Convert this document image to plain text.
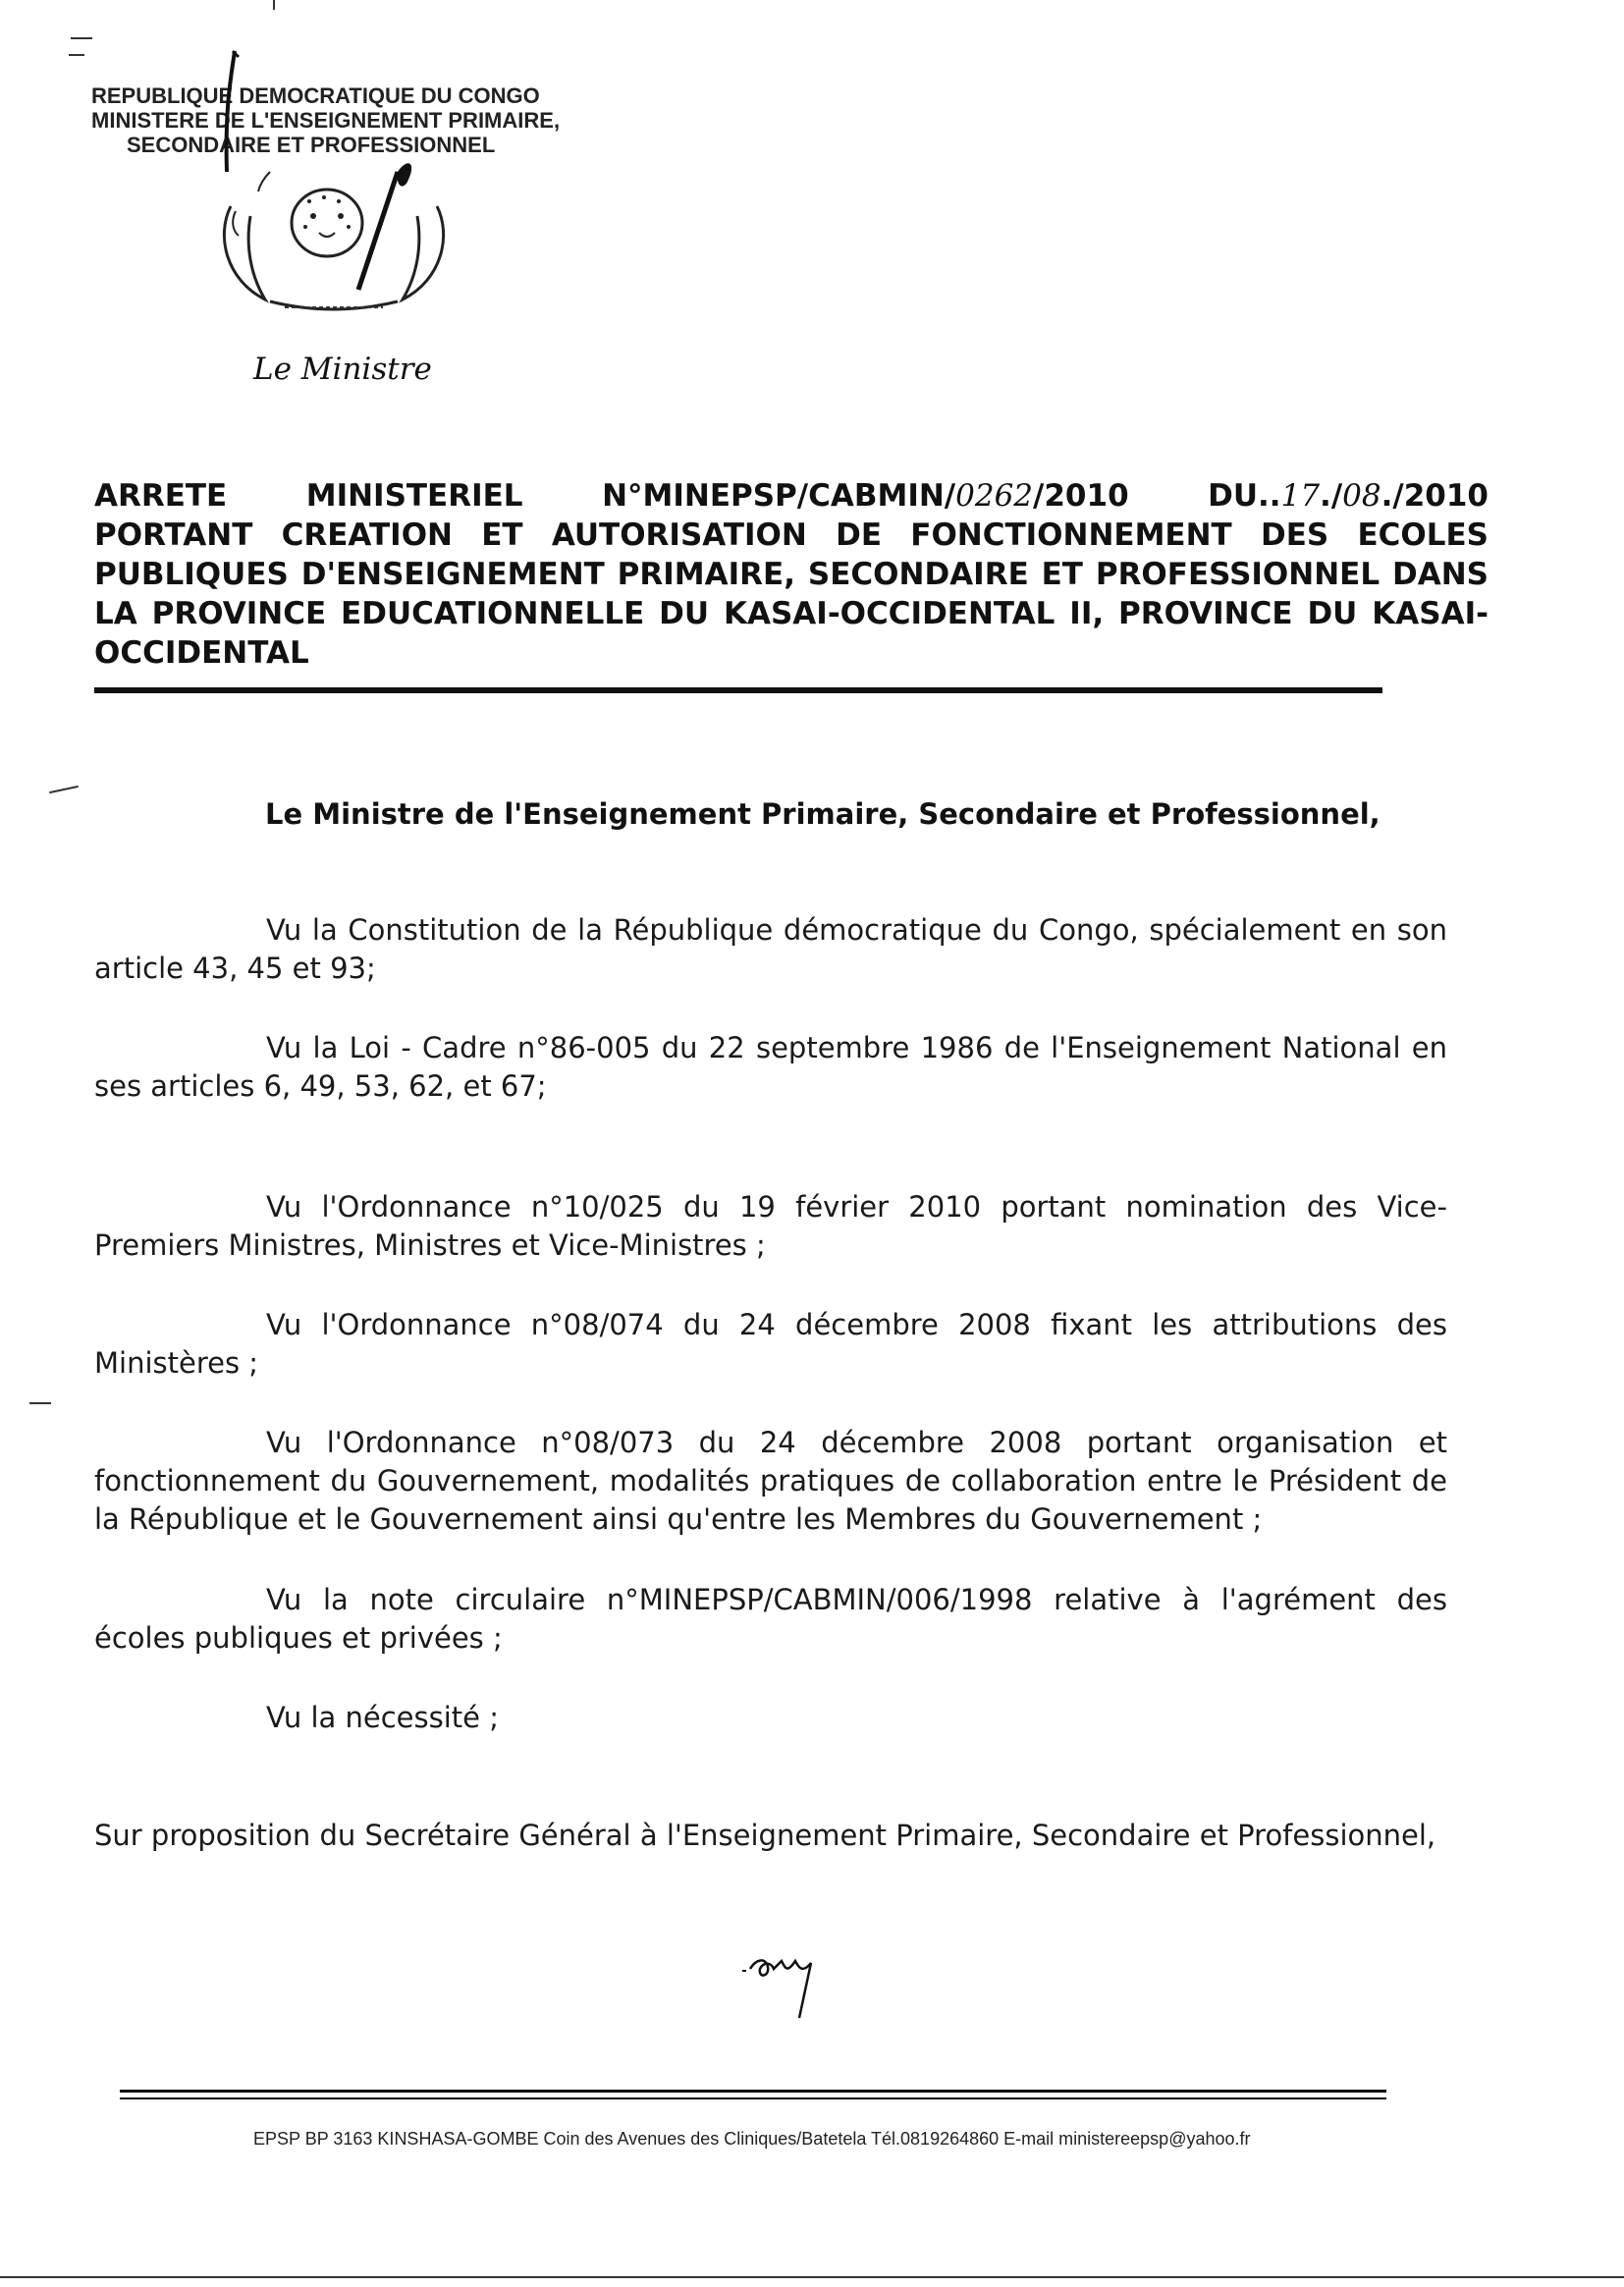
REPUBLIQUE DEMOCRATIQUE DU CONGO
MINISTERE DE L'ENSEIGNEMENT PRIMAIRE,
SECONDAIRE ET PROFESSIONNEL
Le Ministre
ARRETE	MINISTERIEL	N°MINEPSP/CABMIN/0262/2010	DU..17./08./2010
PORTANT CREATION ET AUTORISATION DE FONCTIONNEMENT DES ECOLES PUBLIQUES D'ENSEIGNEMENT PRIMAIRE, SECONDAIRE ET PROFESSIONNEL DANS LA PROVINCE EDUCATIONNELLE DU KASAI-OCCIDENTAL II, PROVINCE DU KASAI-OCCIDENTAL
Le Ministre de l'Enseignement Primaire, Secondaire et Professionnel,
Vu la Constitution de la République démocratique du Congo, spécialement en son article 43, 45 et 93;
Vu la Loi - Cadre n°86-005 du 22 septembre 1986 de l'Enseignement National en ses articles 6, 49, 53, 62, et 67;
Vu l'Ordonnance n°10/025 du 19 février 2010 portant nomination des Vice-Premiers Ministres, Ministres et Vice-Ministres ;
Vu l'Ordonnance n°08/074 du 24 décembre 2008 fixant les attributions des Ministères ;
Vu l'Ordonnance n°08/073 du 24 décembre 2008 portant organisation et fonctionnement du Gouvernement, modalités pratiques de collaboration entre le Président de la République et le Gouvernement ainsi qu'entre les Membres du Gouvernement ;
Vu la note circulaire n°MINEPSP/CABMIN/006/1998 relative à l'agrément des écoles publiques et privées ;
Vu la nécessité ;
Sur proposition du Secrétaire Général à l'Enseignement Primaire, Secondaire et Professionnel,
EPSP BP 3163 KINSHASA-GOMBE Coin des Avenues des Cliniques/Batetela Tél.0819264860 E-mail ministereepsp@yahoo.fr
